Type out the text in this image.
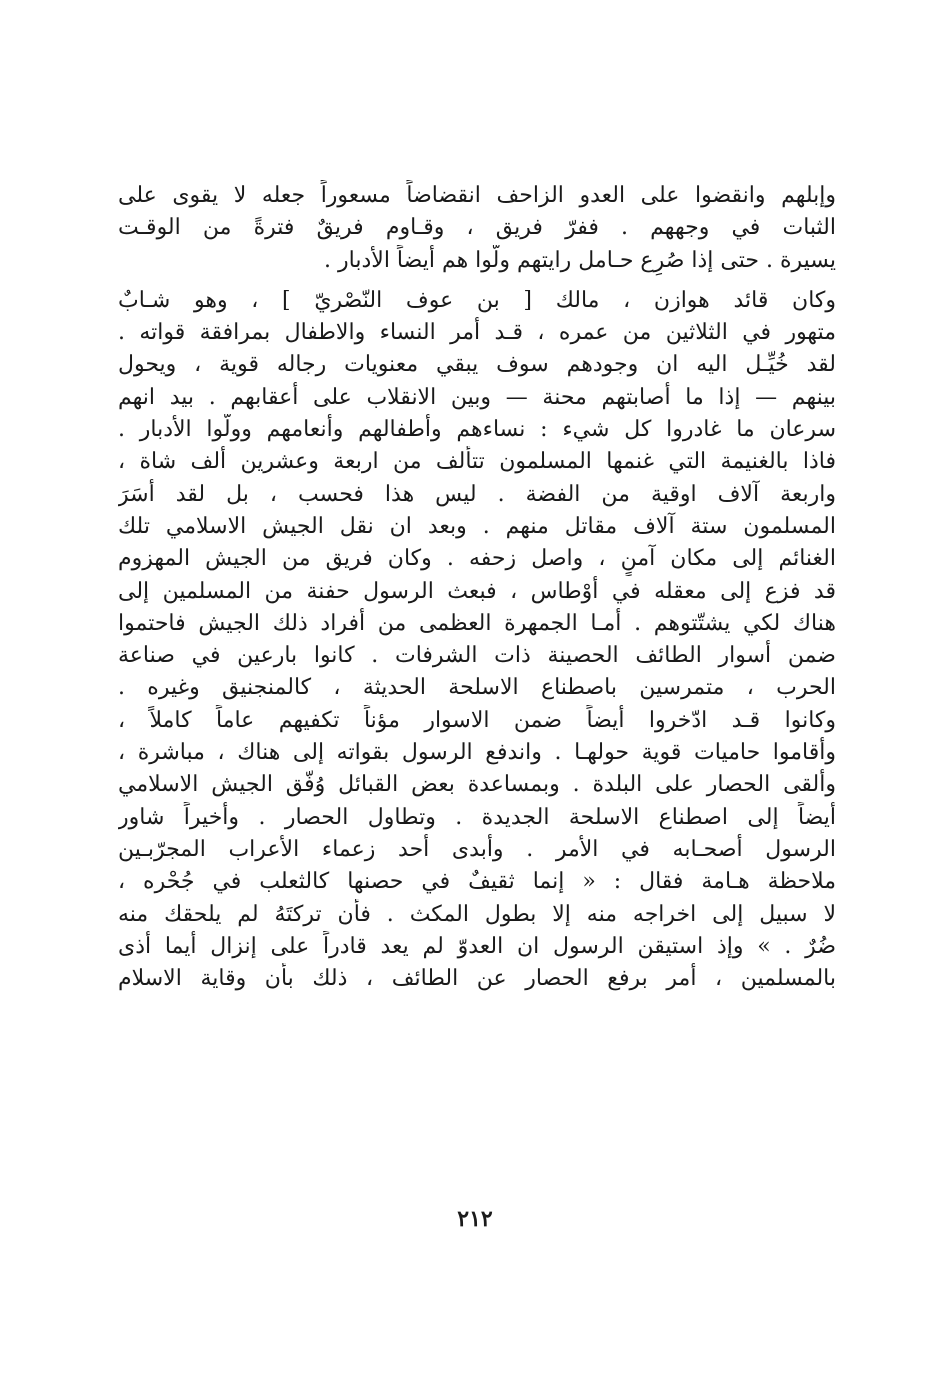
وإبلهم وانقضوا على العدو الزاحف انقضاضاً مسعوراً جعله لا يقوى على
الثبات في وجههم . ففرّ فريق ، وقـاوم فريقٌ فترةً من الوقـت
يسيرة . حتى إذا صُرِع حـامل رايتهم ولّوا هم أيضاً الأدبار .
وكان قائد هوازن ، مالك [ بن عوف النّصْريّ ] ، وهو شـابٌ
متهور في الثلاثين من عمره ، قـد أمر النساء والاطفال بمرافقة قواته .
لقد خُيِّـل اليه ان وجودهم سوف يبقي معنويات رجاله قوية ، ويحول
بينهم — إذا ما أصابتهم محنة — وبين الانقلاب على أعقابهم . بيد انهم
سرعان ما غادروا كل شيء : نساءهم وأطفالهم وأنعامهم وولّوا الأدبار .
فاذا بالغنيمة التي غنمها المسلمون تتألف من اربعة وعشرين ألف شاة ،
واربعة آلاف اوقية من الفضة . ليس هذا فحسب ، بل لقد أسَرَ
المسلمون ستة آلاف مقاتل منهم . وبعد ان نقل الجيش الاسلامي تلك
الغنائم إلى مكان آمنٍ ، واصل زحفه . وكان فريق من الجيش المهزوم
قد فزع إلى معقله في أَوْطاس ، فبعث الرسول حفنة من المسلمين إلى
هناك لكي يشتّتوهم . أمـا الجمهرة العظمى من أفراد ذلك الجيش فاحتموا
ضمن أسوار الطائف الحصينة ذات الشرفات . كانوا بارعين في صناعة
الحرب ، متمرسين باصطناع الاسلحة الحديثة ، كالمنجنيق وغيره .
وكانوا قـد ادّخروا أيضاً ضمن الاسوار مؤناً تكفيهم عاماً كاملاً ،
وأقاموا حاميات قوية حولهـا . واندفع الرسول بقواته إلى هناك ، مباشرة ،
وألقى الحصار على البلدة . وبمساعدة بعض القبائل وُفّق الجيش الاسلامي
أيضاً إلى اصطناع الاسلحة الجديدة . وتطاول الحصار . وأخيراً شاور
الرسول أصحـابه في الأمر . وأبدى أحد زعماء الأعراب المجرّبـين
ملاحظة هـامة فقال : « إنما ثقيفٌ في حصنها كالثعلب في جُحْره ،
لا سبيل إلى اخراجه منه إلا بطول المكث . فأن تركتَهُ لم يلحقك منه
ضُرٌ . » وإذ استيقن الرسول ان العدوّ لم يعد قادراً على إنزال أيما أذى
بالمسلمين ، أمر برفع الحصار عن الطائف ، ذلك بأن وقاية الاسلام
٢١٢
